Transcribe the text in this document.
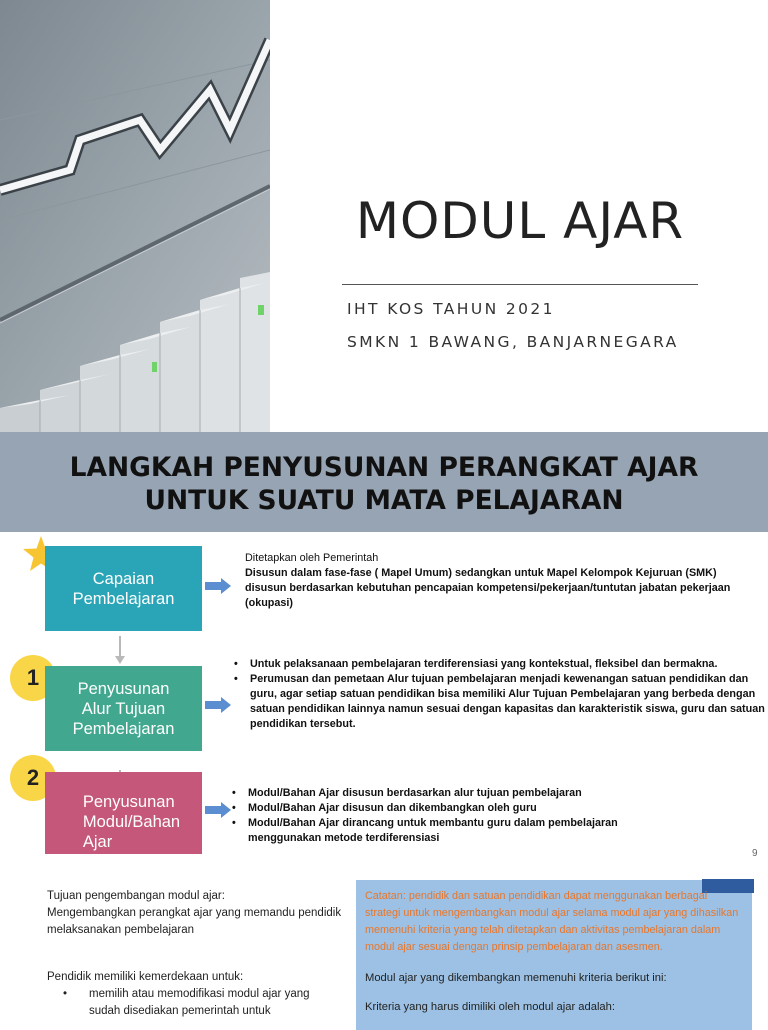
MODUL AJAR
IHT KOS TAHUN 2021
SMKN 1 BAWANG, BANJARNEGARA
LANGKAH PENYUSUNAN PERANGKAT AJAR
UNTUK SUATU MATA PELAJARAN
Capaian
Pembelajaran
Ditetapkan oleh Pemerintah
Disusun dalam fase-fase ( Mapel Umum) sedangkan untuk Mapel Kelompok Kejuruan (SMK)
disusun berdasarkan kebutuhan pencapaian kompetensi/pekerjaan/tuntutan jabatan pekerjaan
(okupasi)
1	Penyusunan
Alur Tujuan
Pembelajaran
• Untuk pelaksanaan pembelajaran terdiferensiasi yang kontekstual, fleksibel dan bermakna.
• Perumusan dan pemetaan Alur tujuan pembelajaran menjadi kewenangan satuan pendidikan dan guru, agar setiap satuan pendidikan bisa memiliki Alur Tujuan Pembelajaran yang berbeda dengan satuan pendidikan lainnya namun sesuai dengan kapasitas dan karakteristik siswa, guru dan satuan pendidikan tersebut.
2
Penyusunan
Modul/Bahan
Ajar
• Modul/Bahan Ajar disusun berdasarkan alur tujuan pembelajaran
• Modul/Bahan Ajar disusun dan dikembangkan oleh guru
• Modul/Bahan Ajar dirancang untuk membantu guru dalam pembelajaran menggunakan metode terdiferensiasi
9
Tujuan pengembangan modul ajar:
Mengembangkan perangkat ajar yang memandu pendidik
melaksanakan pembelajaran
Pendidik memiliki kemerdekaan untuk:
• memilih atau memodifikasi modul ajar yang
sudah disediakan pemerintah untuk
Catatan: pendidik dan satuan pendidikan dapat menggunakan berbagai strategi untuk mengembangkan modul ajar selama modul ajar yang dihasilkan memenuhi kriteria yang telah ditetapkan dan aktivitas pembelajaran dalam modul ajar sesuai dengan prinsip pembelajaran dan asesmen.
Modul ajar yang dikembangkan memenuhi kriteria berikut ini:
Kriteria yang harus dimiliki oleh modul ajar adalah:
